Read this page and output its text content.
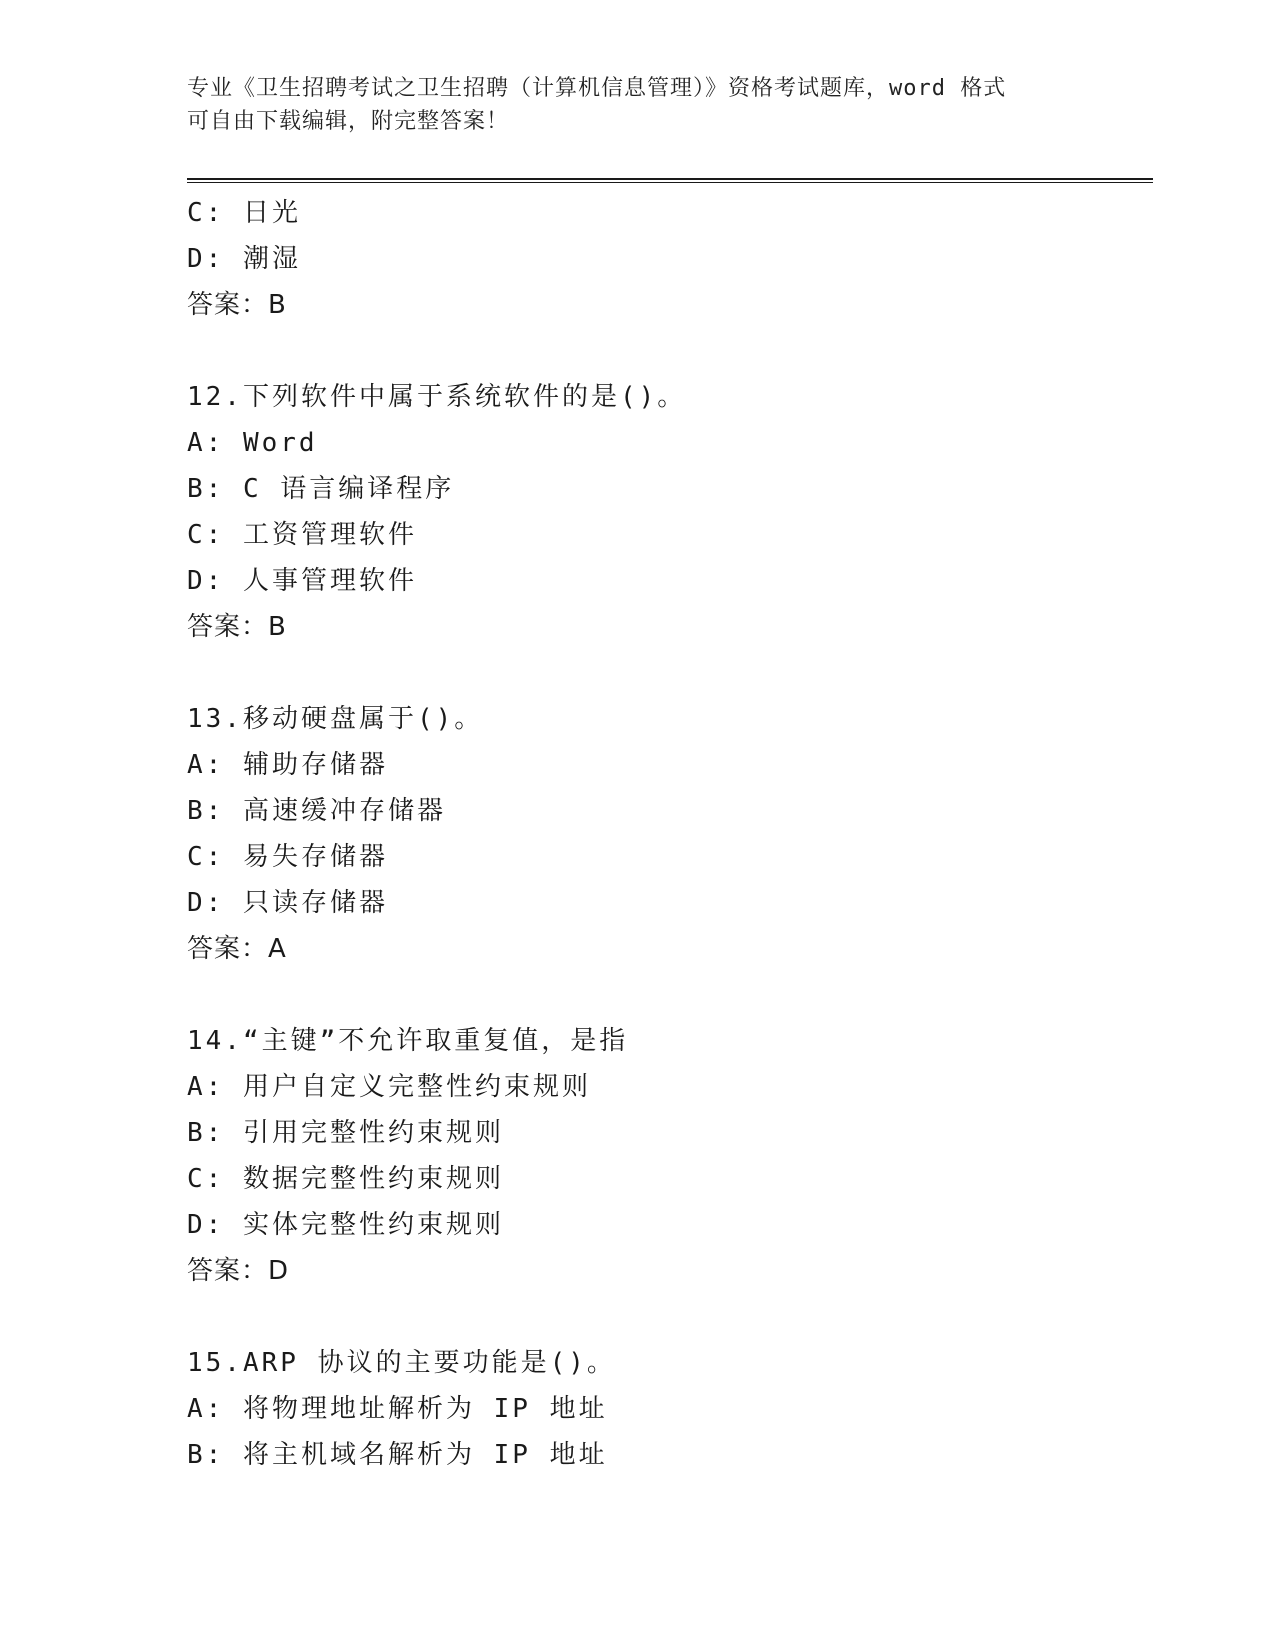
专业《卫生招聘考试之卫生招聘（计算机信息管理）》资格考试题库，word 格式
可自由下载编辑，附完整答案！
C: 日光
D: 潮湿
答案：B
12.下列软件中属于系统软件的是()。
A: Word
B: C 语言编译程序
C: 工资管理软件
D: 人事管理软件
答案：B
13.移动硬盘属于()。
A: 辅助存储器
B: 高速缓冲存储器
C: 易失存储器
D: 只读存储器
答案：A
14.“主键”不允许取重复值，是指
A: 用户自定义完整性约束规则
B: 引用完整性约束规则
C: 数据完整性约束规则
D: 实体完整性约束规则
答案：D
15.ARP 协议的主要功能是()。
A: 将物理地址解析为 IP 地址
B: 将主机域名解析为 IP 地址
